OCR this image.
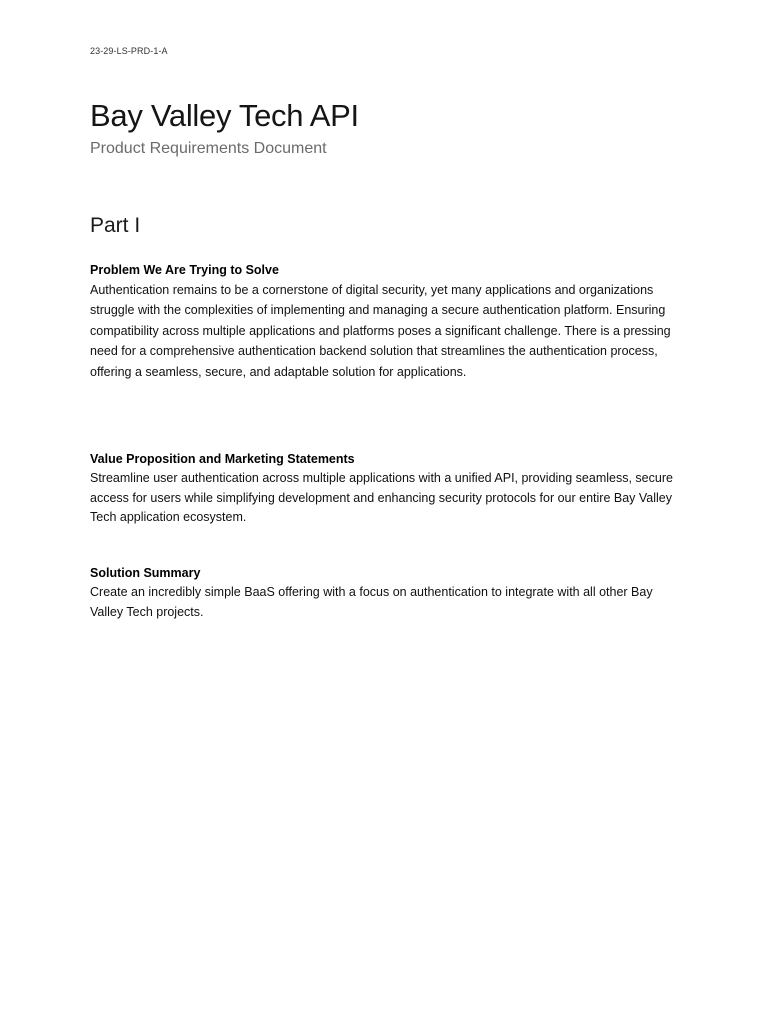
23-29-LS-PRD-1-A
Bay Valley Tech API
Product Requirements Document
Part I
Problem We Are Trying to Solve

Authentication remains to be a cornerstone of digital security, yet many applications and organizations struggle with the complexities of implementing and managing a secure authentication platform. Ensuring compatibility across multiple applications and platforms poses a significant challenge. There is a pressing need for a comprehensive authentication backend solution that streamlines the authentication process, offering a seamless, secure, and adaptable solution for applications.

Value Proposition and Marketing Statements

Streamline user authentication across multiple applications with a unified API, providing seamless, secure access for users while simplifying development and enhancing security protocols for our entire Bay Valley Tech application ecosystem.

Solution Summary

Create an incredibly simple BaaS offering with a focus on authentication to integrate with all other Bay Valley Tech projects.
